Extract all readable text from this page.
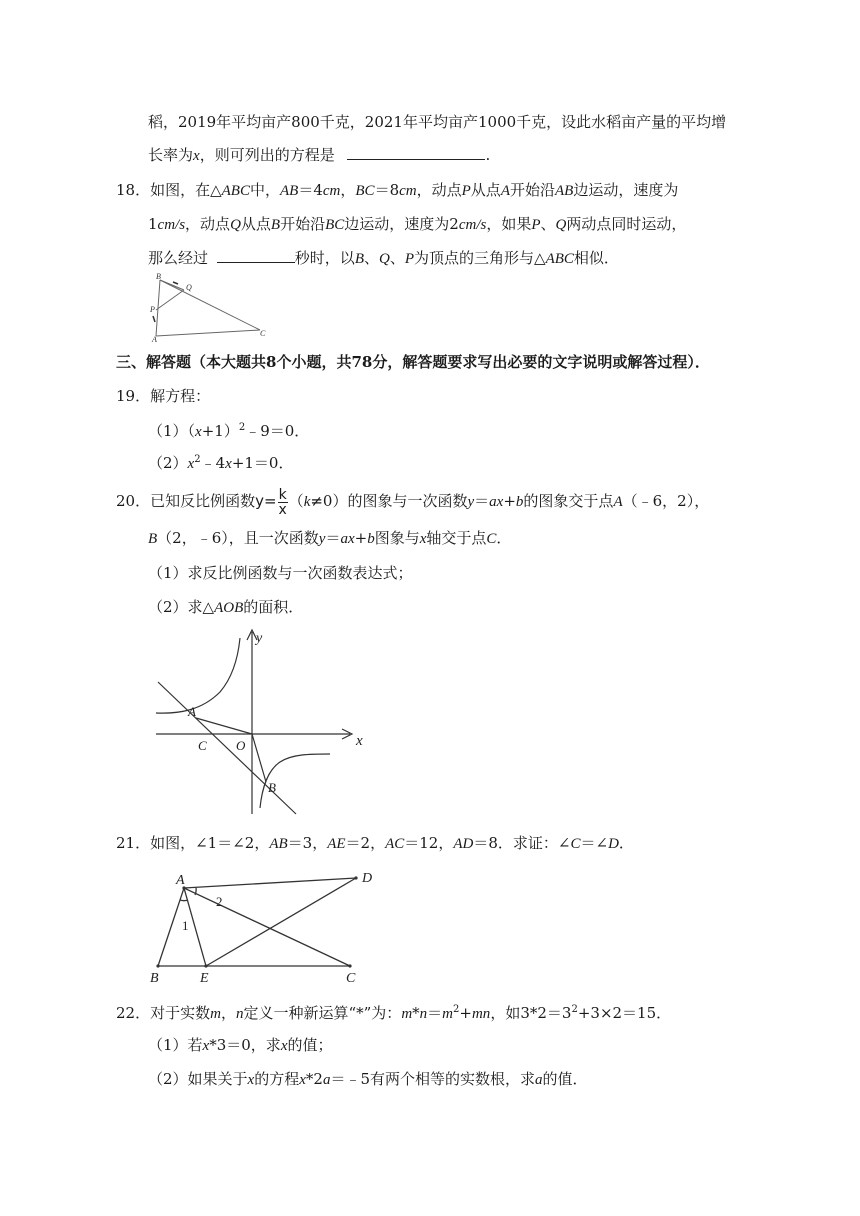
稻，2019年平均亩产800千克，2021年平均亩产1000千克，设此水稻亩产量的平均增
长率为x，则可列出的方程是	.
18．如图，在△ABC中，AB＝4cm，BC＝8cm，动点P从点A开始沿AB边运动，速度为
1cm/s，动点Q从点B开始沿BC边运动，速度为2cm/s，如果P、Q两动点同时运动，
那么经过	秒时，以B、Q、P为顶点的三角形与△ABC相似．
B
Q
P
A
C
三、解答题（本大题共8个小题，共78分，解答题要求写出必要的文字说明或解答过程）．
19．解方程：
$(1)(x+1)^2﹣9=0$．
$(2)x^2﹣4x+1=0$．
20．已知反比例函数$y= \frac{k}{x} (k\ne 0)$的图象与一次函数y＝ax+b的图象交于点A（﹣6，2），
B（2，﹣6），且一次函数y＝ax+b图象与x轴交于点C．
（1）求反比例函数与一次函数表达式；
（2）求△AOB的面积．
y
x
A
C O
B
21．如图，∠1＝∠2，AB＝3，AE＝2，AC＝12，AD＝8．求证：∠C＝∠D．
A	D
1
2
B	E	C
22．对于实数m，n定义一种新运算“*”为：$m*n=m^2+mn$，如$3*2=3^2+3\times 2=15$．
（1）若x*3＝0，求x的值；
（2）如果关于x的方程x*2a＝﹣5有两个相等的实数根，求a的值．
